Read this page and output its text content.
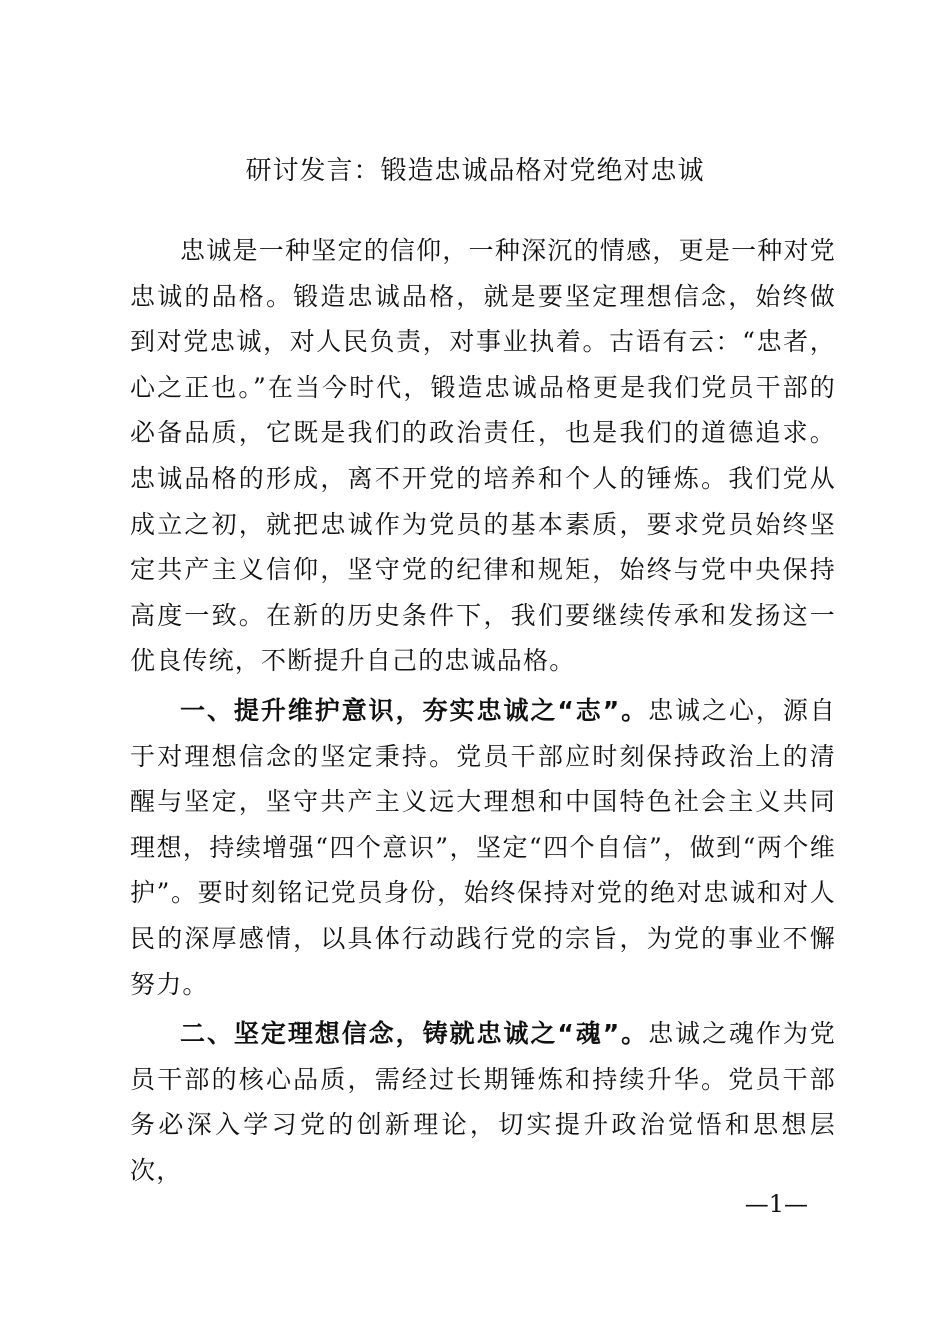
研讨发言：锻造忠诚品格对党绝对忠诚

忠诚是一种坚定的信仰，一种深沉的情感，更是一种对党忠诚的品格。锻造忠诚品格，就是要坚定理想信念，始终做到对党忠诚，对人民负责，对事业执着。古语有云：“忠者，心之正也。”在当今时代，锻造忠诚品格更是我们党员干部的必备品质，它既是我们的政治责任，也是我们的道德追求。忠诚品格的形成，离不开党的培养和个人的锤炼。我们党从成立之初，就把忠诚作为党员的基本素质，要求党员始终坚定共产主义信仰，坚守党的纪律和规矩，始终与党中央保持高度一致。在新的历史条件下，我们要继续传承和发扬这一优良传统，不断提升自己的忠诚品格。

一、提升维护意识，夯实忠诚之“志”。忠诚之心，源自于对理想信念的坚定秉持。党员干部应时刻保持政治上的清醒与坚定，坚守共产主义远大理想和中国特色社会主义共同理想，持续增强“四个意识”，坚定“四个自信”，做到“两个维护”。要时刻铭记党员身份，始终保持对党的绝对忠诚和对人民的深厚感情，以具体行动践行党的宗旨，为党的事业不懈努力。

二、坚定理想信念，铸就忠诚之“魂”。忠诚之魂作为党员干部的核心品质，需经过长期锤炼和持续升华。党员干部务必深入学习党的创新理论，切实提升政治觉悟和思想层次，

—1—
